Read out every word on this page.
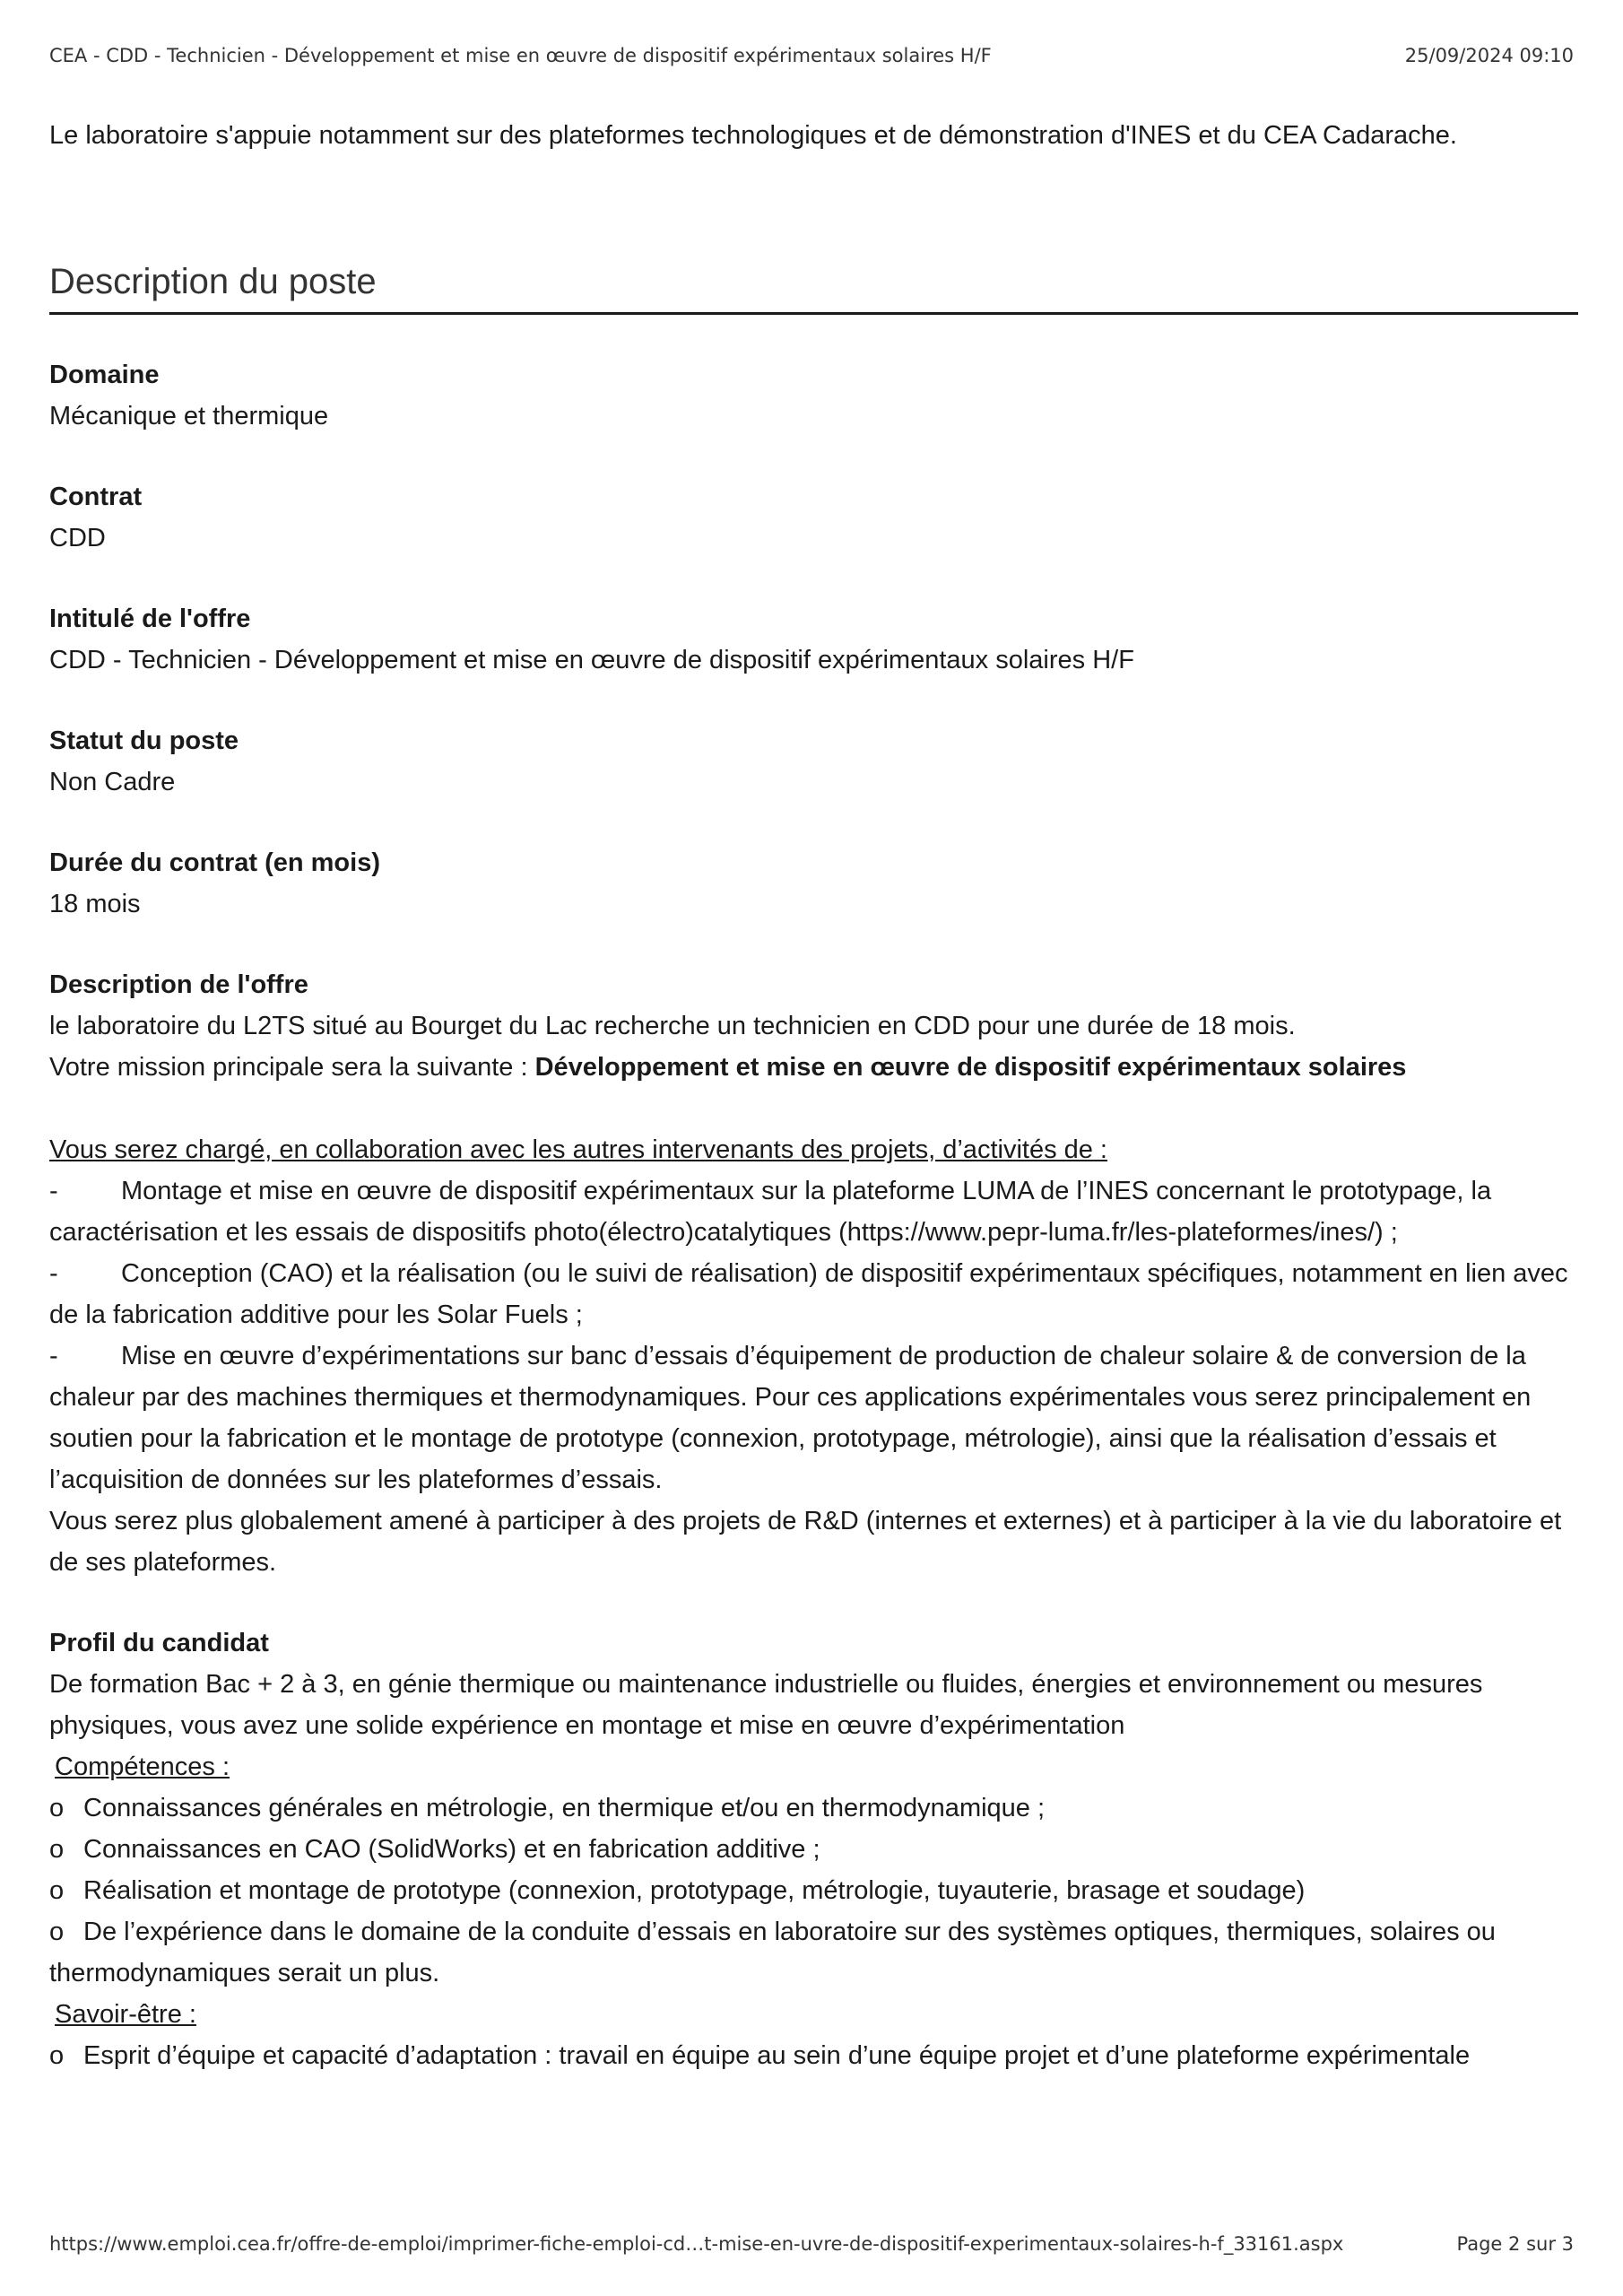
CEA - CDD - Technicien - Développement et mise en œuvre de dispositif expérimentaux solaires H/F	25/09/2024 09:10

Le laboratoire s'appuie notamment sur des plateformes technologiques et de démonstration d'INES et du CEA Cadarache.

Description du poste
Domaine
Mécanique et thermique
Contrat
CDD
Intitulé de l'offre
CDD - Technicien - Développement et mise en œuvre de dispositif expérimentaux solaires H/F
Statut du poste
Non Cadre
Durée du contrat (en mois)
18 mois
Description de l'offre
le laboratoire du L2TS situé au Bourget du Lac recherche un technicien en CDD pour une durée de 18 mois.
Votre mission principale sera la suivante : Développement et mise en œuvre de dispositif expérimentaux solaires
Vous serez chargé, en collaboration avec les autres intervenants des projets, d’activités de :
- Montage et mise en œuvre de dispositif expérimentaux sur la plateforme LUMA de l’INES concernant le prototypage, la caractérisation et les essais de dispositifs photo(électro)catalytiques (https://www.pepr-luma.fr/les-plateformes/ines/) ;
- Conception (CAO) et la réalisation (ou le suivi de réalisation) de dispositif expérimentaux spécifiques, notamment en lien avec de la fabrication additive pour les Solar Fuels ;
- Mise en œuvre d’expérimentations sur banc d’essais d’équipement de production de chaleur solaire & de conversion de la chaleur par des machines thermiques et thermodynamiques. Pour ces applications expérimentales vous serez principalement en soutien pour la fabrication et le montage de prototype (connexion, prototypage, métrologie), ainsi que la réalisation d’essais et l’acquisition de données sur les plateformes d’essais.
Vous serez plus globalement amené à participer à des projets de R&D (internes et externes) et à participer à la vie du laboratoire et de ses plateformes.
Profil du candidat
De formation Bac + 2 à 3, en génie thermique ou maintenance industrielle ou fluides, énergies et environnement ou mesures physiques, vous avez une solide expérience en montage et mise en œuvre d’expérimentation
Compétences :
o Connaissances générales en métrologie, en thermique et/ou en thermodynamique ;
o Connaissances en CAO (SolidWorks) et en fabrication additive ;
o Réalisation et montage de prototype (connexion, prototypage, métrologie, tuyauterie, brasage et soudage)
o De l’expérience dans le domaine de la conduite d’essais en laboratoire sur des systèmes optiques, thermiques, solaires ou thermodynamiques serait un plus.
Savoir-être :
o Esprit d’équipe et capacité d’adaptation : travail en équipe au sein d’une équipe projet et d’une plateforme expérimentale
https://www.emploi.cea.fr/offre-de-emploi/imprimer-fiche-emploi-cd…t-mise-en-uvre-de-dispositif-experimentaux-solaires-h-f_33161.aspx	Page 2 sur 3
